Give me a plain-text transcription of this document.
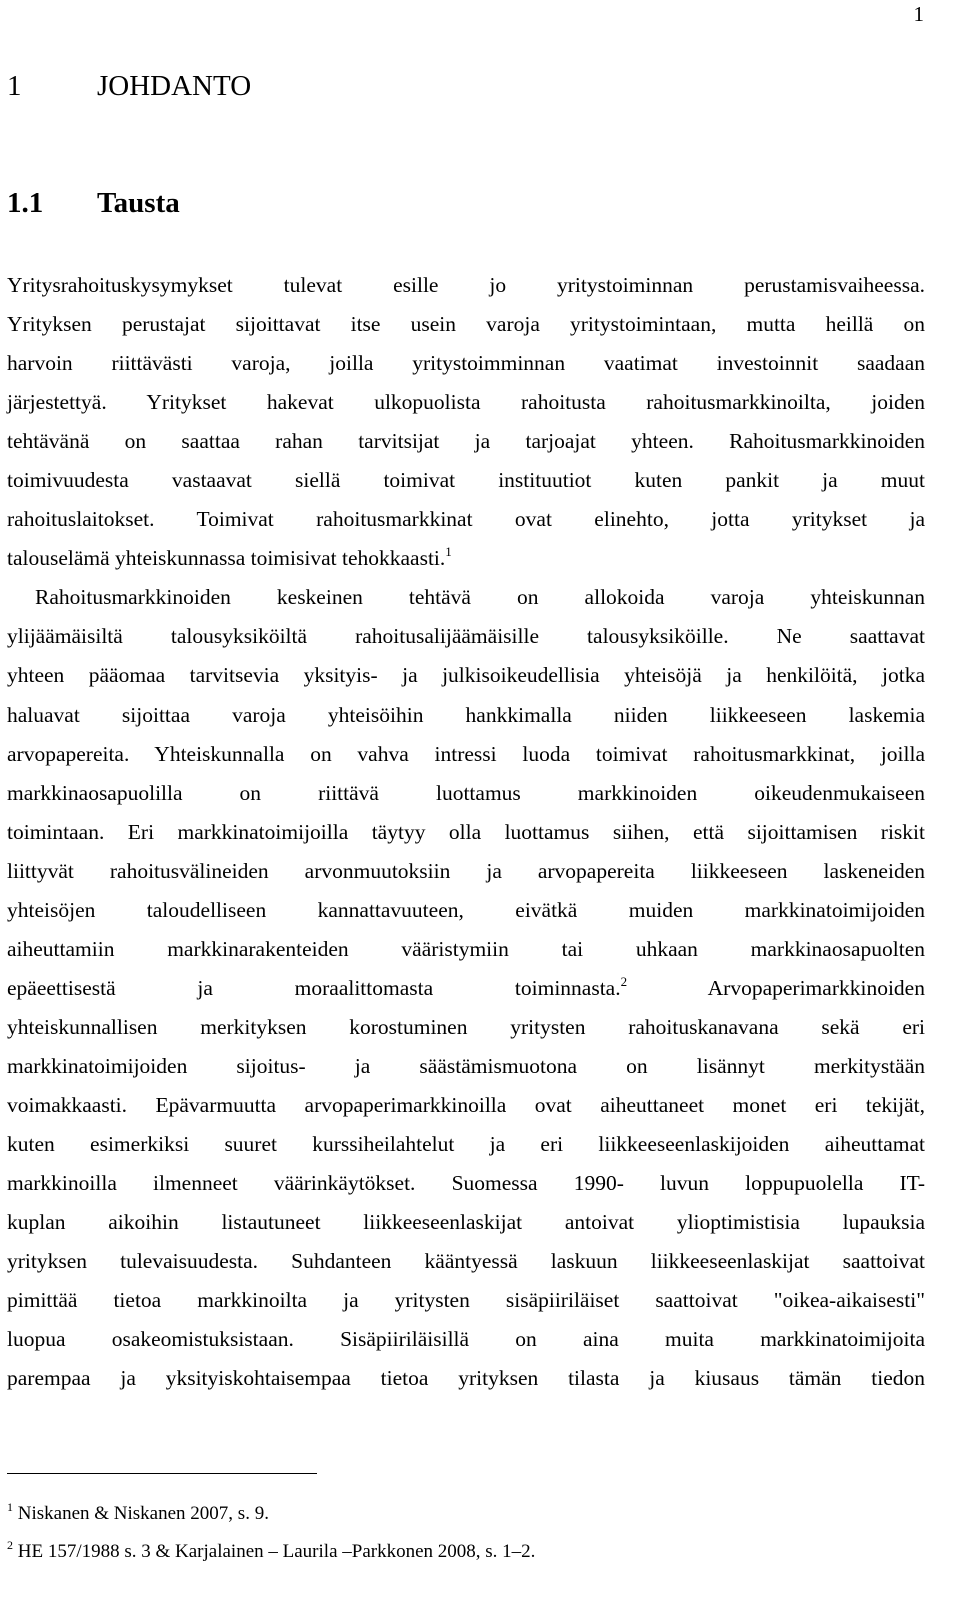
1
1	JOHDANTO
1.1 Tausta
Yritysrahoituskysymykset tulevat esille jo yritystoiminnan perustamisvaiheessa.
Yrityksen perustajat sijoittavat itse usein varoja yritystoimintaan, mutta heillä on
harvoin riittävästi varoja, joilla yritystoimminnan vaatimat investoinnit saadaan
järjestettyä. Yritykset hakevat ulkopuolista rahoitusta rahoitusmarkkinoilta, joiden
tehtävänä on saattaa rahan tarvitsijat ja tarjoajat yhteen. Rahoitusmarkkinoiden
toimivuudesta vastaavat siellä toimivat instituutiot kuten pankit ja muut
rahoituslaitokset. Toimivat rahoitusmarkkinat ovat elinehto, jotta yritykset ja
talouselämä yhteiskunnassa toimisivat tehokkaasti.$^1$
Rahoitusmarkkinoiden keskeinen tehtävä on allokoida varoja yhteiskunnan
ylijäämäisiltä talousyksiköiltä rahoitusalijäämäisille talousyksiköille. Ne saattavat
yhteen pääomaa tarvitsevia yksityis- ja julkisoikeudellisia yhteisöjä ja henkilöitä, jotka
haluavat sijoittaa varoja yhteisöihin hankkimalla niiden liikkeeseen laskemia
arvopapereita. Yhteiskunnalla on vahva intressi luoda toimivat rahoitusmarkkinat, joilla
markkinaosapuolilla on riittävä luottamus markkinoiden oikeudenmukaiseen
toimintaan. Eri markkinatoimijoilla täytyy olla luottamus siihen, että sijoittamisen riskit
liittyvät rahoitusvälineiden arvonmuutoksiin ja arvopapereita liikkeeseen laskeneiden
yhteisöjen taloudelliseen kannattavuuteen, eivätkä muiden markkinatoimijoiden
aiheuttamiin markkinarakenteiden vääristymiin tai uhkaan markkinaosapuolten
epäeettisestä ja moraalittomasta toiminnasta.$^2$	Arvopaperimarkkinoiden
yhteiskunnallisen merkityksen korostuminen yritysten rahoituskanavana sekä eri
markkinatoimijoiden sijoitus- ja säästämismuotona on lisännyt merkitystään
voimakkaasti. Epävarmuutta arvopaperimarkkinoilla ovat aiheuttaneet monet eri tekijät,
kuten esimerkiksi suuret kurssiheilahtelut ja eri liikkeeseenlaskijoiden aiheuttamat
markkinoilla ilmenneet väärinkäytökset. Suomessa 1990- luvun loppupuolella IT-
kuplan aikoihin listautuneet liikkeeseenlaskijat antoivat ylioptimistisia lupauksia
yrityksen tulevaisuudesta. Suhdanteen kääntyessä laskuun liikkeeseenlaskijat saattoivat
pimittää tietoa markkinoilta ja yritysten sisäpiiriläiset saattoivat "oikea-aikaisesti"
luopua osakeomistuksistaan. Sisäpiiriläisillä on aina muita markkinatoimijoita
parempaa ja yksityiskohtaisempaa tietoa yrityksen tilasta ja kiusaus tämän tiedon
$^1$ Niskanen & Niskanen 2007, s. 9.
$^2$ HE 157/1988 s. 3 & Karjalainen – Laurila –Parkkonen 2008, s. 1–2.
